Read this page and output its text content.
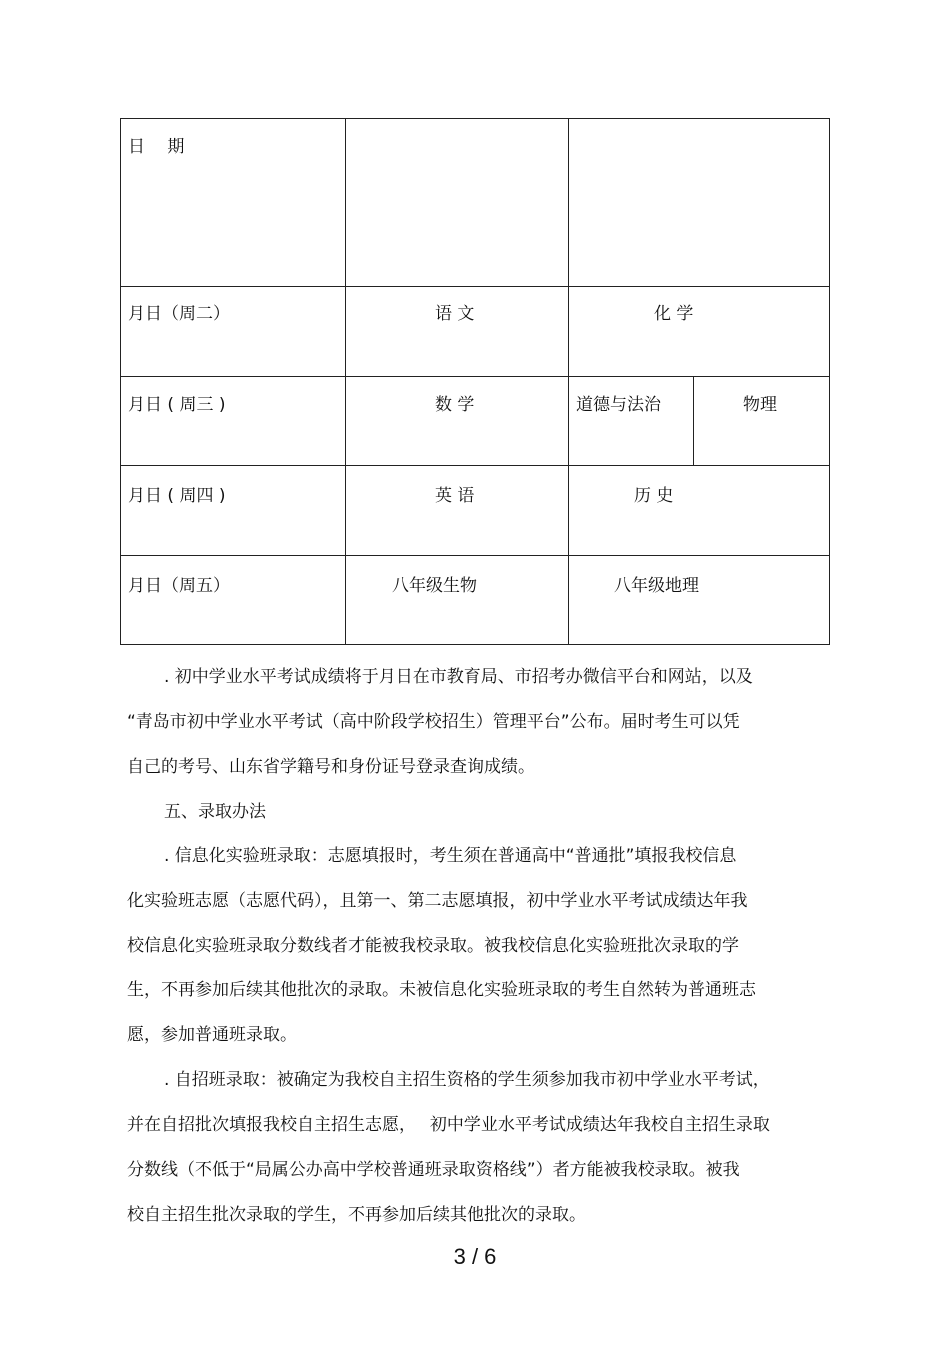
日　 期
月日（周二）	语 文	化 学
月日 ( 周三 )	数 学	道德与法治	物理
月日 ( 周四 )	英 语	历 史
月日（周五）	八年级生物	八年级地理
. 初中学业水平考试成绩将于月日在市教育局、市招考办微信平台和网站，以及
“青岛市初中学业水平考试（高中阶段学校招生）管理平台”公布。届时考生可以凭
自己的考号、山东省学籍号和身份证号登录查询成绩。
五、录取办法
. 信息化实验班录取：志愿填报时，考生须在普通高中“普通批”填报我校信息
化实验班志愿（志愿代码），且第一、第二志愿填报，初中学业水平考试成绩达年我
校信息化实验班录取分数线者才能被我校录取。被我校信息化实验班批次录取的学
生，不再参加后续其他批次的录取。未被信息化实验班录取的考生自然转为普通班志
愿，参加普通班录取。
. 自招班录取：被确定为我校自主招生资格的学生须参加我市初中学业水平考试，
并在自招批次填报我校自主招生志愿，　 初中学业水平考试成绩达年我校自主招生录取
分数线（不低于“局属公办高中学校普通班录取资格线”）者方能被我校录取。被我
校自主招生批次录取的学生，不再参加后续其他批次的录取。
3 / 6
